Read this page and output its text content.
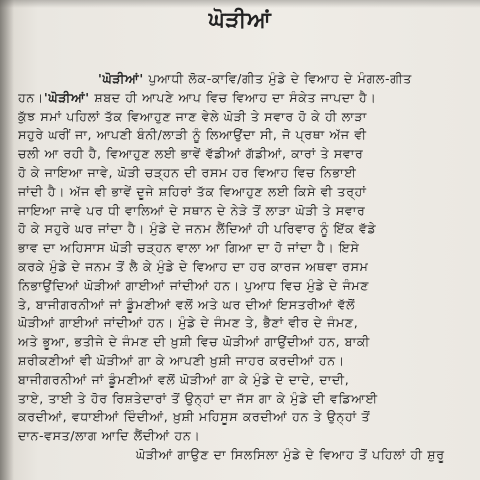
ਘੋੜੀਆਂ
'ਘੋੜੀਆਂ' ਪੁਆਧੀ ਲੋਕ-ਕਾਵਿ/ਗੀਤ ਮੁੰਡੇ ਦੇ ਵਿਆਹ ਦੇ ਮੰਗਲ-ਗੀਤ
ਹਨ।'ਘੋੜੀਆਂ' ਸ਼ਬਦ ਹੀ ਆਪਣੇ ਆਪ ਵਿਚ ਵਿਆਹ ਦਾ ਸੰਕੇਤ ਜਾਪਦਾ ਹੈ।
ਕੁੱਝ ਸਮਾਂ ਪਹਿਲਾਂ ਤੱਕ ਵਿਆਹੁਣ ਜਾਣ ਵੇਲੇ ਘੋੜੀ ਤੇ ਸਵਾਰ ਹੋ ਕੇ ਹੀ ਲਾੜਾ
ਸਹੁਰੇ ਘਰੀਂ ਜਾ, ਆਪਣੀ ਬੰਨੀ/ਲਾੜੀ ਨੂੰ ਲਿਆਉਂਦਾ ਸੀ, ਜੋ ਪ੍ਰਥਾ ਅੱਜ ਵੀ
ਚਲੀ ਆ ਰਹੀ ਹੈ, ਵਿਆਹੁਣ ਲਈ ਭਾਵੇਂ ਵੱਡੀਆਂ ਗੱਡੀਆਂ, ਕਾਰਾਂ ਤੇ ਸਵਾਰ
ਹੋ ਕੇ ਜਾਇਆ ਜਾਵੇ, ਘੋੜੀ ਚੜ੍ਹਨ ਦੀ ਰਸਮ ਹਰ ਵਿਆਹ ਵਿਚ ਨਿਭਾਈ
ਜਾਂਦੀ ਹੈ। ਅੱਜ ਵੀ ਭਾਵੇਂ ਦੂਜੇ ਸ਼ਹਿਰਾਂ ਤੱਕ ਵਿਆਹੁਣ ਲਈ ਕਿਸੇ ਵੀ ਤਰ੍ਹਾਂ
ਜਾਇਆ ਜਾਵੇ ਪਰ ਧੀ ਵਾਲਿਆਂ ਦੇ ਸਥਾਨ ਦੇ ਨੇੜੇ ਤੋਂ ਲਾੜਾ ਘੋੜੀ ਤੇ ਸਵਾਰ
ਹੋ ਕੇ ਸਹੁਰੇ ਘਰ ਜਾਂਦਾ ਹੈ। ਮੁੰਡੇ ਦੇ ਜਨਮ ਲੈਂਦਿਆਂ ਹੀ ਪਰਿਵਾਰ ਨੂੰ ਇੱਕ ਵੱਡੇ
ਭਾਵ ਦਾ ਅਹਿਸਾਸ ਘੋੜੀ ਚੜ੍ਹਨ ਵਾਲਾ ਆ ਗਿਆ ਦਾ ਹੋ ਜਾਂਦਾ ਹੈ। ਇਸੇ
ਕਰਕੇ ਮੁੰਡੇ ਦੇ ਜਨਮ ਤੋਂ ਲੈ ਕੇ ਮੁੰਡੇ ਦੇ ਵਿਆਹ ਦਾ ਹਰ ਕਾਰਜ ਅਥਵਾ ਰਸਮ
ਨਿਭਾਉਂਦਿਆਂ ਘੋੜੀਆਂ ਗਾਈਆਂ ਜਾਂਦੀਆਂ ਹਨ। ਪੁਆਧ ਵਿਚ ਮੁੰਡੇ ਦੇ ਜੰਮਣ
ਤੇ, ਬਾਜੀਗਰਨੀਆਂ ਜਾਂ ਡੂੰਮਣੀਆਂ ਵਲੋਂ ਅਤੇ ਘਰ ਦੀਆਂ ਇਸਤਰੀਆਂ ਵੱਲੋਂ
ਘੋੜੀਆਂ ਗਾਈਆਂ ਜਾਂਦੀਆਂ ਹਨ। ਮੁੰਡੇ ਦੇ ਜੰਮਣ ਤੇ, ਭੈਣਾਂ ਵੀਰ ਦੇ ਜੰਮਣ,
ਅਤੇ ਭੂਆ, ਭਤੀਜੇ ਦੇ ਜੰਮਣ ਦੀ ਖ਼ੁਸ਼ੀ ਵਿਚ ਘੋੜੀਆਂ ਗਾਉਂਦੀਆਂ ਹਨ, ਬਾਕੀ
ਸ਼ਰੀਕਣੀਆਂ ਵੀ ਘੋੜੀਆਂ ਗਾ ਕੇ ਆਪਣੀ ਖ਼ੁਸ਼ੀ ਜਾਹਰ ਕਰਦੀਆਂ ਹਨ।
ਬਾਜੀਗਰਨੀਆਂ ਜਾਂ ਡੂੰਮਣੀਆਂ ਵਲੋਂ ਘੋੜੀਆਂ ਗਾ ਕੇ ਮੁੰਡੇ ਦੇ ਦਾਦੇ, ਦਾਦੀ,
ਤਾਏ, ਤਾਈ ਤੇ ਹੋਰ ਰਿਸ਼ਤੇਦਾਰਾਂ ਤੋਂ ਉਨ੍ਹਾਂ ਦਾ ਜੱਸ ਗਾ ਕੇ ਮੁੰਡੇ ਦੀ ਵਡਿਆਈ
ਕਰਦੀਆਂ, ਵਧਾਈਆਂ ਦਿੰਦੀਆਂ, ਖ਼ੁਸ਼ੀ ਮਹਿਸੂਸ ਕਰਦੀਆਂ ਹਨ ਤੇ ਉਨ੍ਹਾਂ ਤੋਂ
ਦਾਨ-ਵਸਤ/ਲਾਗ ਆਦਿ ਲੈਂਦੀਆਂ ਹਨ।
ਘੋੜੀਆਂ ਗਾਉਣ ਦਾ ਸਿਲਸਿਲਾ ਮੁੰਡੇ ਦੇ ਵਿਆਹ ਤੋਂ ਪਹਿਲਾਂ ਹੀ ਸ਼ੁਰੂ
